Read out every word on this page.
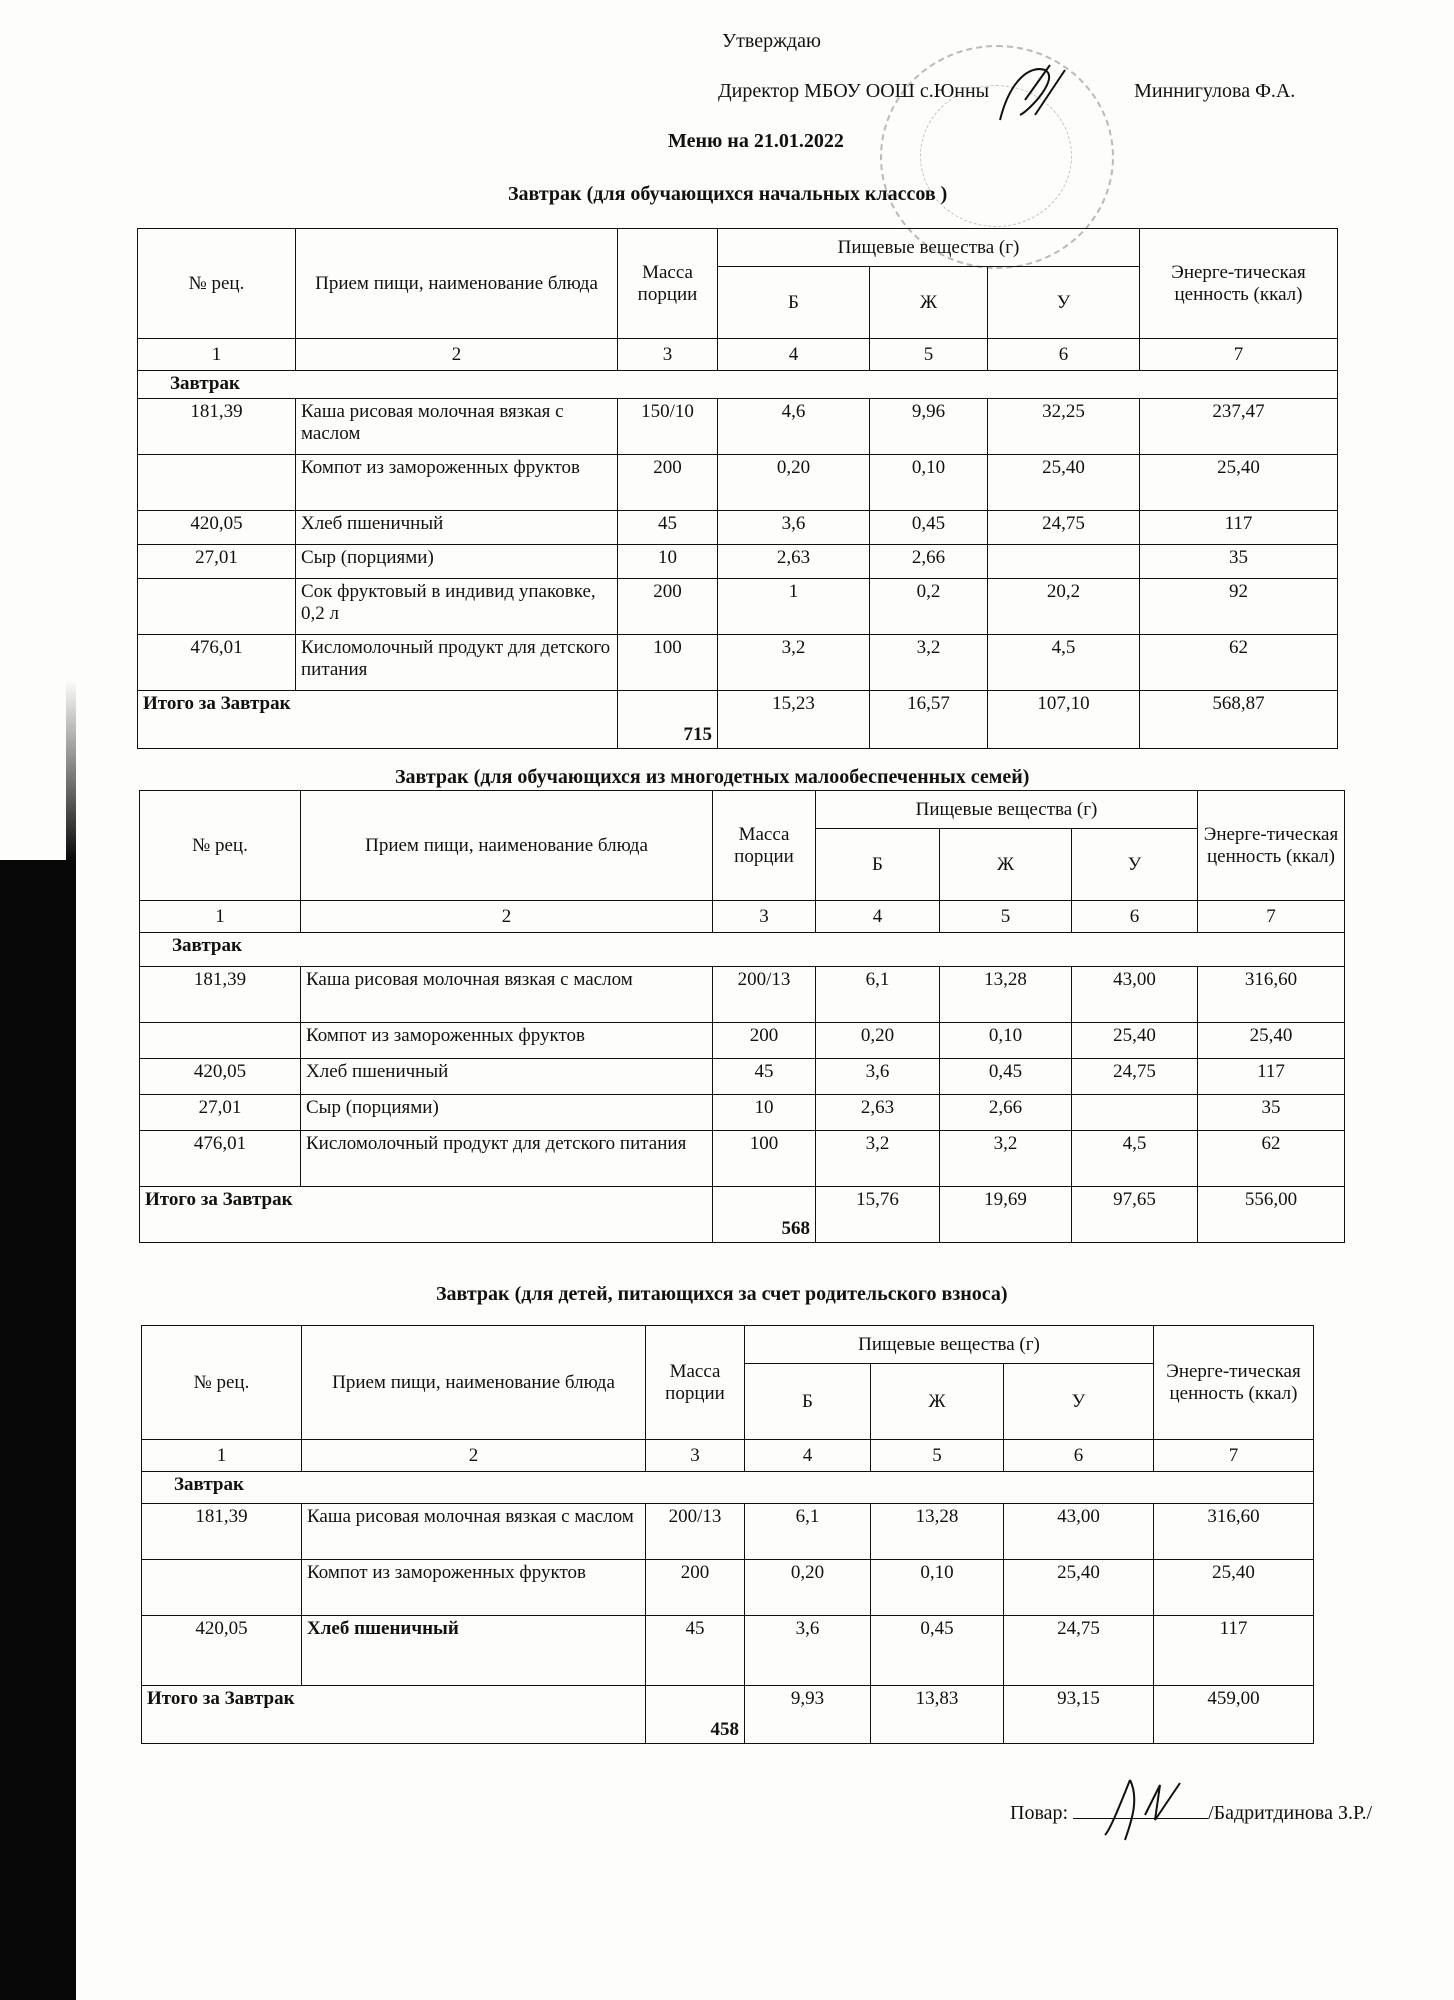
Утверждаю
Директор МБОУ ООШ с.Юнны	Миннигулова Ф.А.
Меню на 21.01.2022
Завтрак (для обучающихся начальных классов )
№ рец.	Прием пищи, наименование блюда	Масса порции	Пищевые вещества (г)			Энерге-тическая ценность (ккал)
			Б	Ж	У	
1	2	3	4	5	6	7
Завтрак						
181,39	Каша рисовая молочная вязкая с маслом	150/10	4,6	9,96	32,25	237,47
	Компот из замороженных фруктов	200	0,20	0,10	25,40	25,40
420,05	Хлеб пшеничный	45	3,6	0,45	24,75	117
27,01	Сыр (порциями)	10	2,63	2,66		35
	Сок фруктовый в индивид упаковке, 0,2 л	200	1	0,2	20,2	92
476,01	Кисломолочный продукт для детского питания	100	3,2	3,2	4,5	62
Итого за Завтрак		715	15,23	16,57	107,10	568,87
Завтрак (для обучающихся из многодетных малообеспеченных семей)
№ рец.	Прием пищи, наименование блюда	Масса порции	Пищевые вещества (г)			Энерге-тическая ценность (ккал)
			Б	Ж	У	
1	2	3	4	5	6	7
Завтрак						
181,39	Каша рисовая молочная вязкая с маслом	200/13	6,1	13,28	43,00	316,60
	Компот из замороженных фруктов	200	0,20	0,10	25,40	25,40
420,05	Хлеб пшеничный	45	3,6	0,45	24,75	117
27,01	Сыр (порциями)	10	2,63	2,66		35
476,01	Кисломолочный продукт для детского питания	100	3,2	3,2	4,5	62
Итого за Завтрак		568	15,76	19,69	97,65	556,00
Завтрак (для детей, питающихся за счет родительского взноса)
№ рец.	Прием пищи, наименование блюда	Масса порции	Пищевые вещества (г)			Энерге-тическая ценность (ккал)
			Б	Ж	У	
1	2	3	4	5	6	7
Завтрак						
181,39	Каша рисовая молочная вязкая с маслом	200/13	6,1	13,28	43,00	316,60
	Компот из замороженных фруктов	200	0,20	0,10	25,40	25,40
420,05	Хлеб пшеничный	45	3,6	0,45	24,75	117
Итого за Завтрак		458	9,93	13,83	93,15	459,00
Повар:	/Бадритдинова З.Р./
